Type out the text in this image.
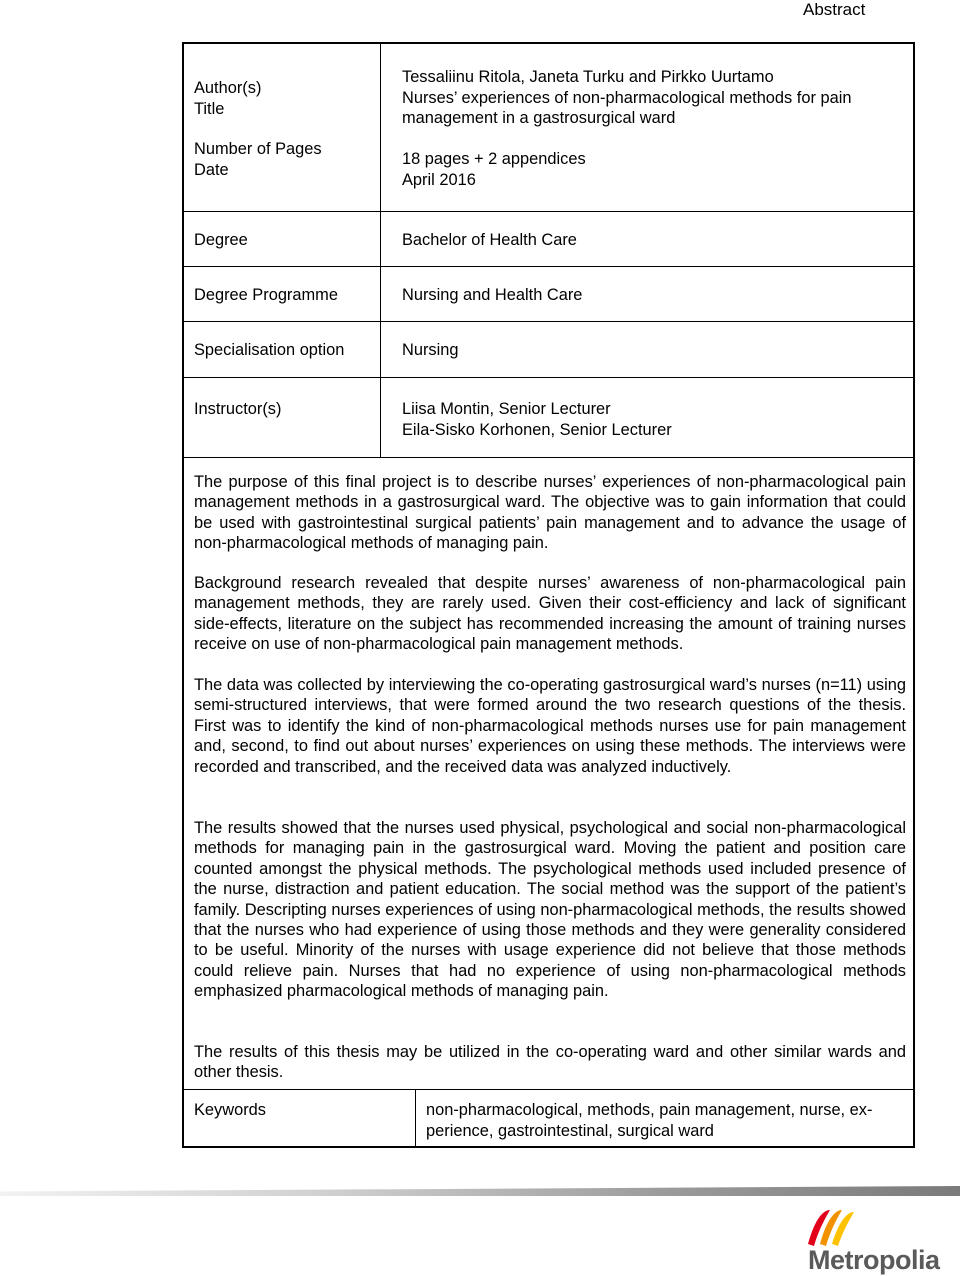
Abstract
Author(s)
Title
Number of Pages
Date
Degree
Degree Programme
Specialisation option
Instructor(s)
Tessaliinu Ritola, Janeta Turku and Pirkko Uurtamo
Nurses’ experiences of non-pharmacological methods for pain
management in a gastrosurgical ward
18 pages + 2 appendices
April 2016
Bachelor of Health Care
Nursing and Health Care
Nursing
Liisa Montin, Senior Lecturer
Eila-Sisko Korhonen, Senior Lecturer
The purpose of this final project is to describe nurses’ experiences of non-pharmacological pain management methods in a gastrosurgical ward. The objective was to gain information that could be used with gastrointestinal surgical patients’ pain management and to advance the usage of non-pharmacological methods of managing pain.
Background research revealed that despite nurses’ awareness of non-pharmacological pain management methods, they are rarely used. Given their cost-efficiency and lack of significant side-effects, literature on the subject has recommended increasing the amount of training nurses receive on use of non-pharmacological pain management methods.
The data was collected by interviewing the co-operating gastrosurgical ward’s nurses (n=11) using semi-structured interviews, that were formed around the two research questions of the thesis. First was to identify the kind of non-pharmacological methods nurses use for pain management and, second, to find out about nurses’ experiences on using these methods. The interviews were recorded and transcribed, and the received data was analyzed inductively.
The results showed that the nurses used physical, psychological and social non-pharmacological methods for managing pain in the gastrosurgical ward. Moving the patient and position care counted amongst the physical methods. The psychological methods used included presence of the nurse, distraction and patient education. The social method was the support of the patient’s family. Descripting nurses experiences of using non-pharmacological methods, the results showed that the nurses who had experience of using those methods and they were generality considered to be useful. Minority of the nurses with usage experience did not believe that those methods could relieve pain. Nurses that had no experience of using non-pharmacological methods emphasized pharmacological methods of managing pain.
The results of this thesis may be utilized in the co-operating ward and other similar wards and other thesis.
Keywords	non-pharmacological, methods, pain management, nurse, ex-
perience, gastrointestinal, surgical ward
Metropolia
